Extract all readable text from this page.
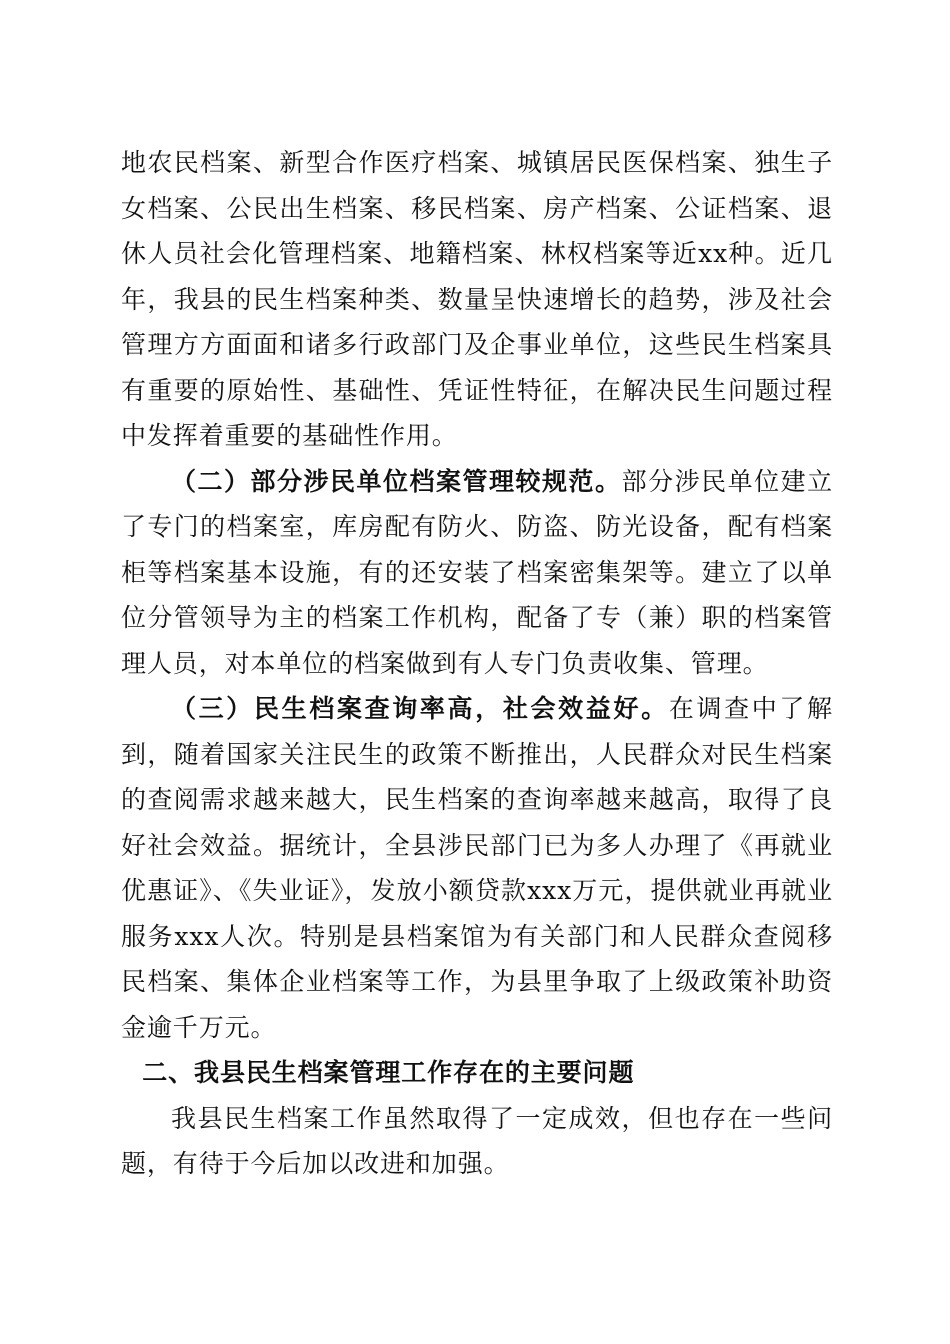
地农民档案、新型合作医疗档案、城镇居民医保档案、独生子女档案、公民出生档案、移民档案、房产档案、公证档案、退休人员社会化管理档案、地籍档案、林权档案等近xx种。近几年，我县的民生档案种类、数量呈快速增长的趋势，涉及社会管理方方面面和诸多行政部门及企事业单位，这些民生档案具有重要的原始性、基础性、凭证性特征，在解决民生问题过程中发挥着重要的基础性作用。

（二）部分涉民单位档案管理较规范。部分涉民单位建立了专门的档案室，库房配有防火、防盗、防光设备，配有档案柜等档案基本设施，有的还安装了档案密集架等。建立了以单位分管领导为主的档案工作机构，配备了专（兼）职的档案管理人员，对本单位的档案做到有人专门负责收集、管理。

（三）民生档案查询率高，社会效益好。在调查中了解到，随着国家关注民生的政策不断推出，人民群众对民生档案的查阅需求越来越大，民生档案的查询率越来越高，取得了良好社会效益。据统计，全县涉民部门已为多人办理了《再就业优惠证》、《失业证》，发放小额贷款xxx万元，提供就业再就业服务xxx人次。特别是县档案馆为有关部门和人民群众查阅移民档案、集体企业档案等工作，为县里争取了上级政策补助资金逾千万元。

二、我县民生档案管理工作存在的主要问题

我县民生档案工作虽然取得了一定成效，但也存在一些问题，有待于今后加以改进和加强。
